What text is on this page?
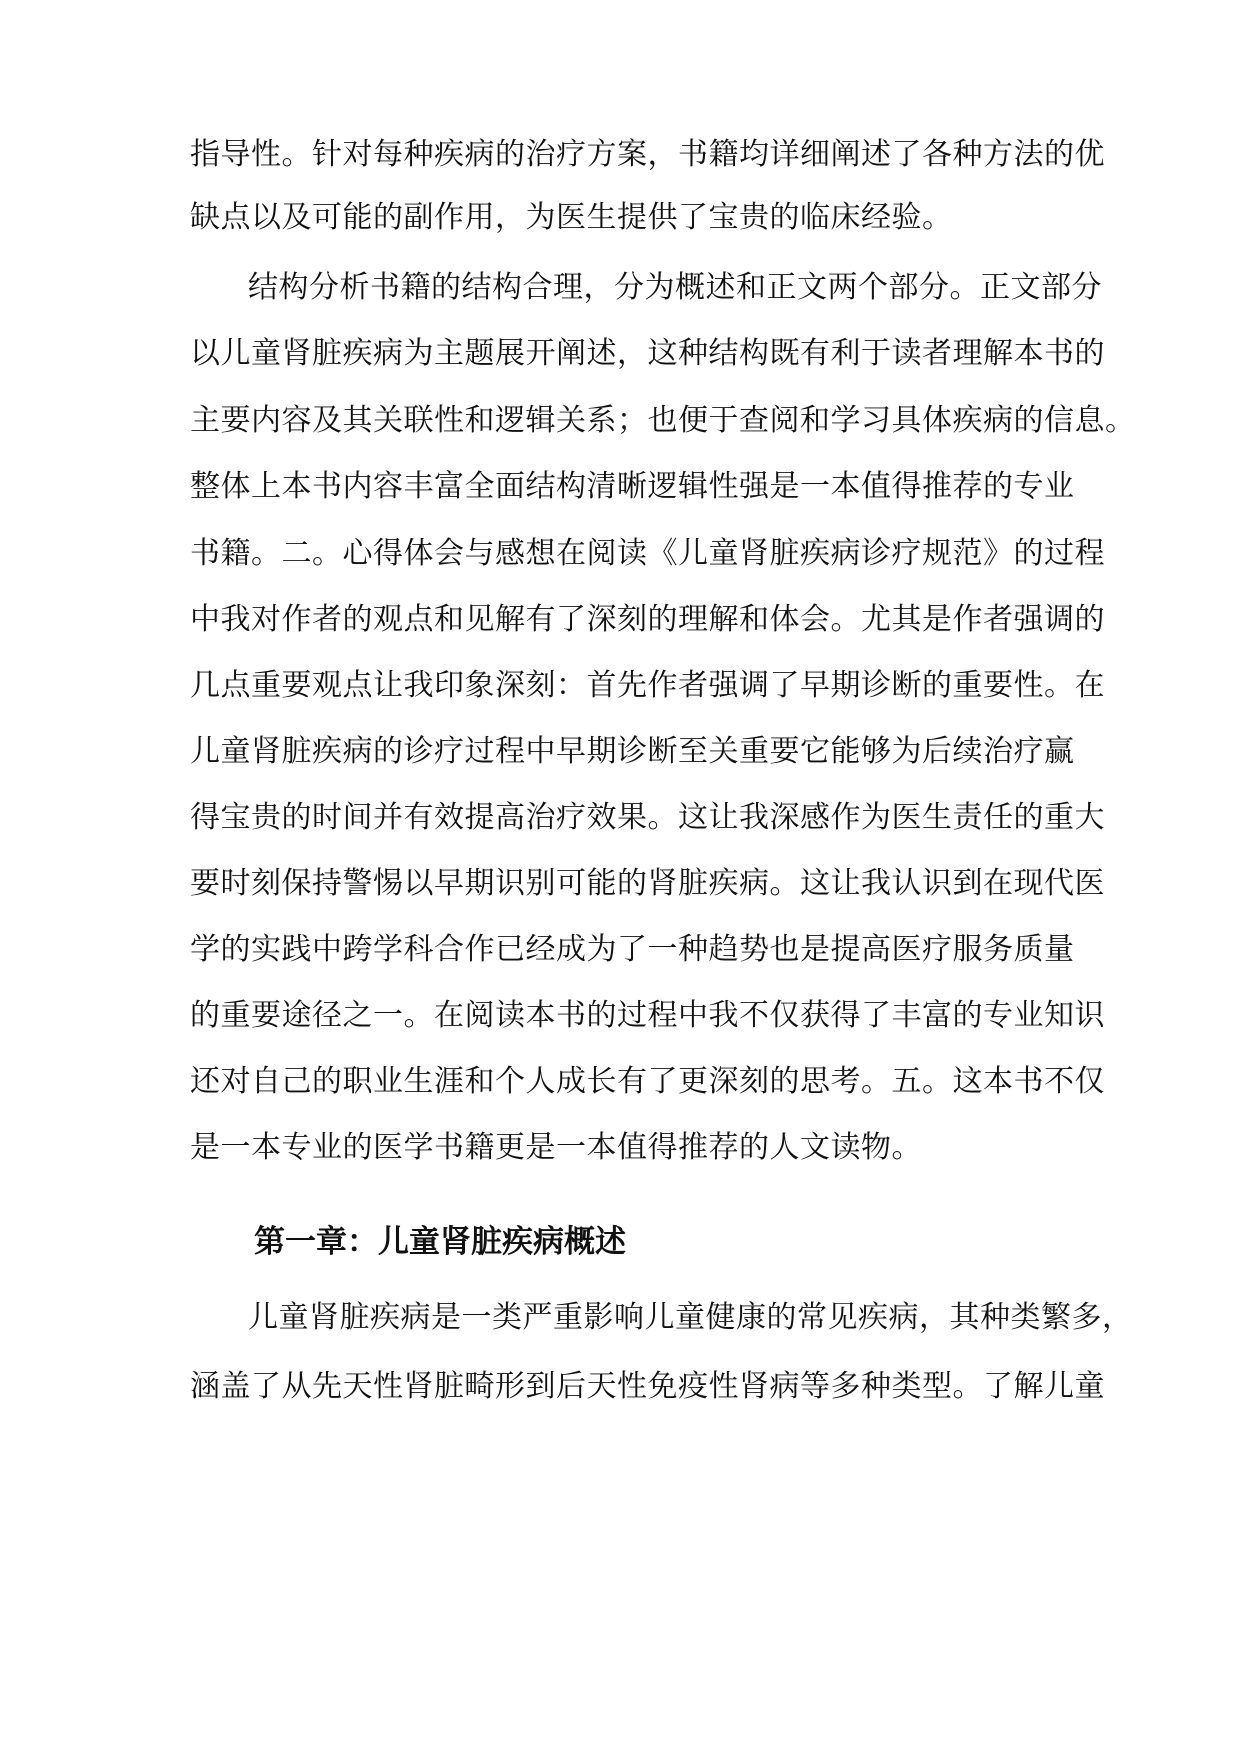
指导性。针对每种疾病的治疗方案，书籍均详细阐述了各种方法的优
缺点以及可能的副作用，为医生提供了宝贵的临床经验。
结构分析书籍的结构合理，分为概述和正文两个部分。正文部分
以儿童肾脏疾病为主题展开阐述，这种结构既有利于读者理解本书的
主要内容及其关联性和逻辑关系；也便于查阅和学习具体疾病的信息。
整体上本书内容丰富全面结构清晰逻辑性强是一本值得推荐的专业
书籍。二。心得体会与感想在阅读《儿童肾脏疾病诊疗规范》的过程
中我对作者的观点和见解有了深刻的理解和体会。尤其是作者强调的
几点重要观点让我印象深刻：首先作者强调了早期诊断的重要性。在
儿童肾脏疾病的诊疗过程中早期诊断至关重要它能够为后续治疗赢
得宝贵的时间并有效提高治疗效果。这让我深感作为医生责任的重大
要时刻保持警惕以早期识别可能的肾脏疾病。这让我认识到在现代医
学的实践中跨学科合作已经成为了一种趋势也是提高医疗服务质量
的重要途径之一。在阅读本书的过程中我不仅获得了丰富的专业知识
还对自己的职业生涯和个人成长有了更深刻的思考。五。这本书不仅
是一本专业的医学书籍更是一本值得推荐的人文读物。
第一章：儿童肾脏疾病概述
儿童肾脏疾病是一类严重影响儿童健康的常见疾病，其种类繁多，
涵盖了从先天性肾脏畸形到后天性免疫性肾病等多种类型。了解儿童
